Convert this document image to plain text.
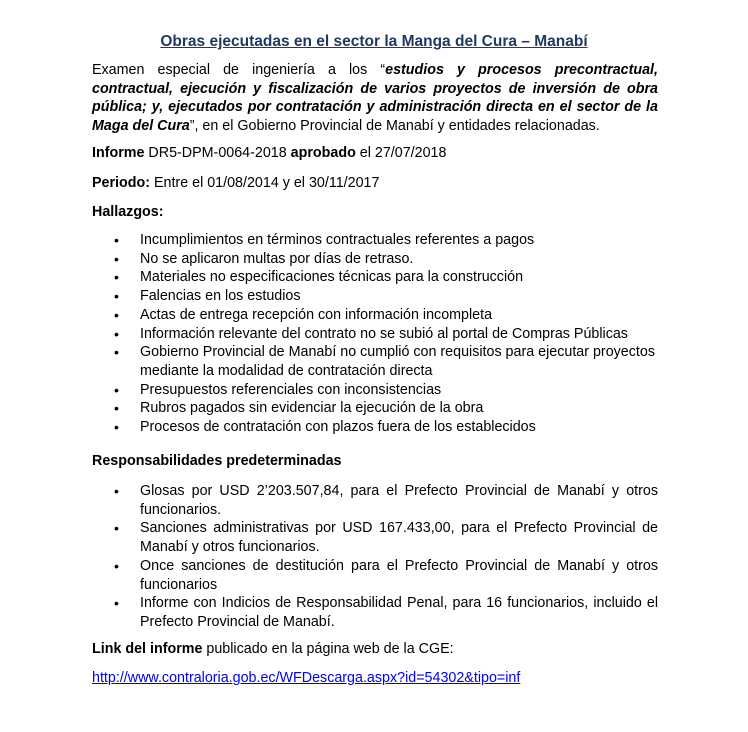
Obras ejecutadas en el sector la Manga del Cura – Manabí
Examen especial de ingeniería a los “estudios y procesos precontractual, contractual, ejecución y fiscalización de varios proyectos de inversión de obra pública; y, ejecutados por contratación y administración directa en el sector de la Maga del Cura”, en el Gobierno Provincial de Manabí y entidades relacionadas.
Informe DR5-DPM-0064-2018 aprobado el 27/07/2018
Periodo: Entre el 01/08/2014 y el 30/11/2017
Hallazgos:
• Incumplimientos en términos contractuales referentes a pagos
• No se aplicaron multas por días de retraso.
• Materiales no especificaciones técnicas para la construcción
• Falencias en los estudios
• Actas de entrega recepción con información incompleta
• Información relevante del contrato no se subió al portal de Compras Públicas
• Gobierno Provincial de Manabí no cumplió con requisitos para ejecutar proyectos mediante la modalidad de contratación directa
• Presupuestos referenciales con inconsistencias
• Rubros pagados sin evidenciar la ejecución de la obra
• Procesos de contratación con plazos fuera de los establecidos
Responsabilidades predeterminadas
• Glosas por USD 2’203.507,84, para el Prefecto Provincial de Manabí y otros funcionarios.
• Sanciones administrativas por USD 167.433,00, para el Prefecto Provincial de Manabí y otros funcionarios.
• Once sanciones de destitución para el Prefecto Provincial de Manabí y otros funcionarios
• Informe con Indicios de Responsabilidad Penal, para 16 funcionarios, incluido el Prefecto Provincial de Manabí.
Link del informe publicado en la página web de la CGE:
http://www.contraloria.gob.ec/WFDescarga.aspx?id=54302&tipo=inf
